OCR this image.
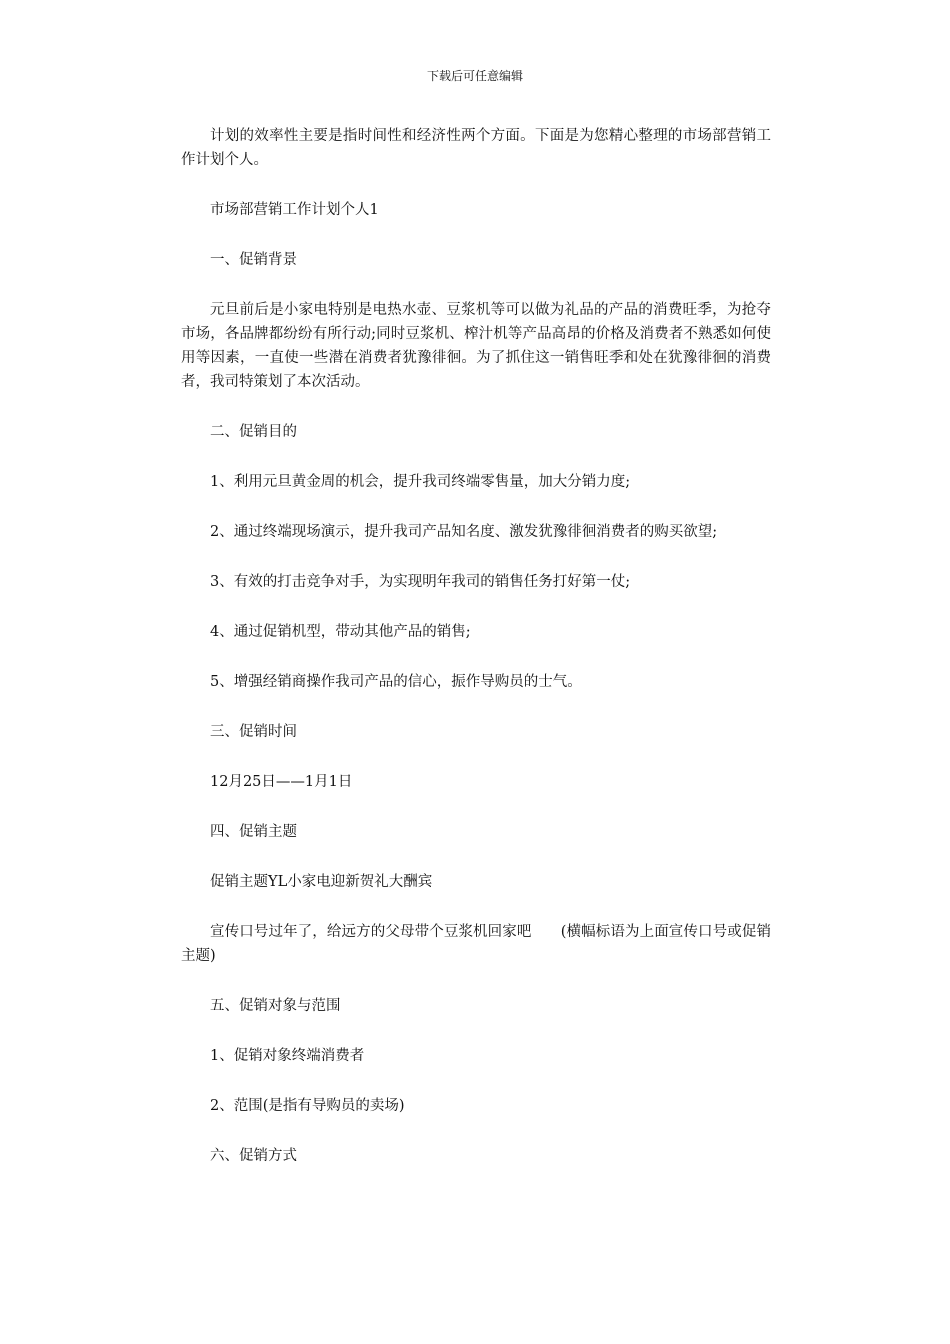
下载后可任意编辑

计划的效率性主要是指时间性和经济性两个方面。下面是为您精心整理的市场部营销工作计划个人。

市场部营销工作计划个人1

一、促销背景

元旦前后是小家电特别是电热水壶、豆浆机等可以做为礼品的产品的消费旺季，为抢夺市场，各品牌都纷纷有所行动;同时豆浆机、榨汁机等产品高昂的价格及消费者不熟悉如何使用等因素，一直使一些潜在消费者犹豫徘徊。为了抓住这一销售旺季和处在犹豫徘徊的消费者，我司特策划了本次活动。

二、促销目的

1、利用元旦黄金周的机会，提升我司终端零售量，加大分销力度;

2、通过终端现场演示，提升我司产品知名度、激发犹豫徘徊消费者的购买欲望;

3、有效的打击竞争对手，为实现明年我司的销售任务打好第一仗;

4、通过促销机型，带动其他产品的销售;

5、增强经销商操作我司产品的信心，振作导购员的士气。

三、促销时间

12月25日——1月1日

四、促销主题

促销主题YL小家电迎新贺礼大酬宾

宣传口号过年了，给远方的父母带个豆浆机回家吧　　(横幅标语为上面宣传口号或促销主题)

五、促销对象与范围

1、促销对象终端消费者

2、范围(是指有导购员的卖场)

六、促销方式
